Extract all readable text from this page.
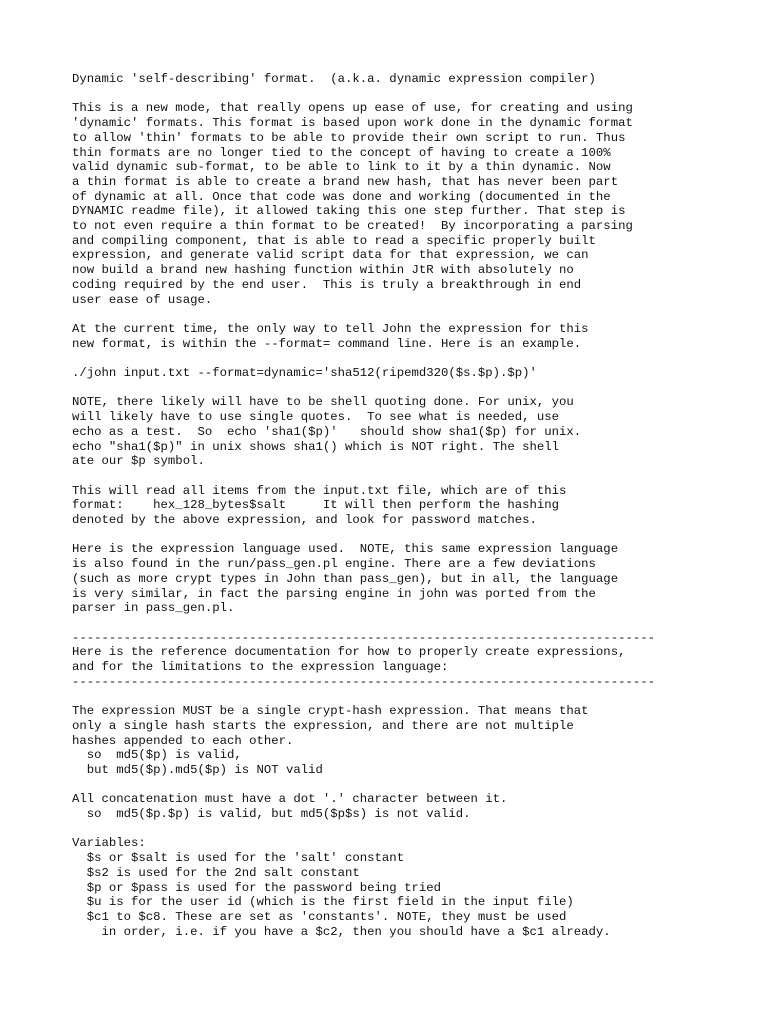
Dynamic 'self-describing' format.  (a.k.a. dynamic expression compiler)

This is a new mode, that really opens up ease of use, for creating and using
'dynamic' formats. This format is based upon work done in the dynamic format
to allow 'thin' formats to be able to provide their own script to run. Thus
thin formats are no longer tied to the concept of having to create a 100%
valid dynamic sub-format, to be able to link to it by a thin dynamic. Now
a thin format is able to create a brand new hash, that has never been part
of dynamic at all. Once that code was done and working (documented in the
DYNAMIC readme file), it allowed taking this one step further. That step is
to not even require a thin format to be created!  By incorporating a parsing
and compiling component, that is able to read a specific properly built
expression, and generate valid script data for that expression, we can
now build a brand new hashing function within JtR with absolutely no
coding required by the end user.  This is truly a breakthrough in end
user ease of usage.

At the current time, the only way to tell John the expression for this
new format, is within the --format= command line. Here is an example.

./john input.txt --format=dynamic='sha512(ripemd320($s.$p).$p)'

NOTE, there likely will have to be shell quoting done. For unix, you
will likely have to use single quotes.  To see what is needed, use
echo as a test.  So  echo 'sha1($p)'   should show sha1($p) for unix.
echo "sha1($p)" in unix shows sha1() which is NOT right. The shell
ate our $p symbol.

This will read all items from the input.txt file, which are of this
format:    hex_128_bytes$salt     It will then perform the hashing
denoted by the above expression, and look for password matches.

Here is the expression language used.  NOTE, this same expression language
is also found in the run/pass_gen.pl engine. There are a few deviations
(such as more crypt types in John than pass_gen), but in all, the language
is very similar, in fact the parsing engine in john was ported from the
parser in pass_gen.pl.

-------------------------------------------------------------------------------
Here is the reference documentation for how to properly create expressions,
and for the limitations to the expression language:
-------------------------------------------------------------------------------

The expression MUST be a single crypt-hash expression. That means that
only a single hash starts the expression, and there are not multiple
hashes appended to each other.
so  md5($p) is valid,
but md5($p).md5($p) is NOT valid

All concatenation must have a dot '.' character between it.
so  md5($p.$p) is valid, but md5($p$s) is not valid.

Variables:
$s or $salt is used for the 'salt' constant
$s2 is used for the 2nd salt constant
$p or $pass is used for the password being tried
$u is for the user id (which is the first field in the input file)
$c1 to $c8. These are set as 'constants'. NOTE, they must be used
in order, i.e. if you have a $c2, then you should have a $c1 already.
